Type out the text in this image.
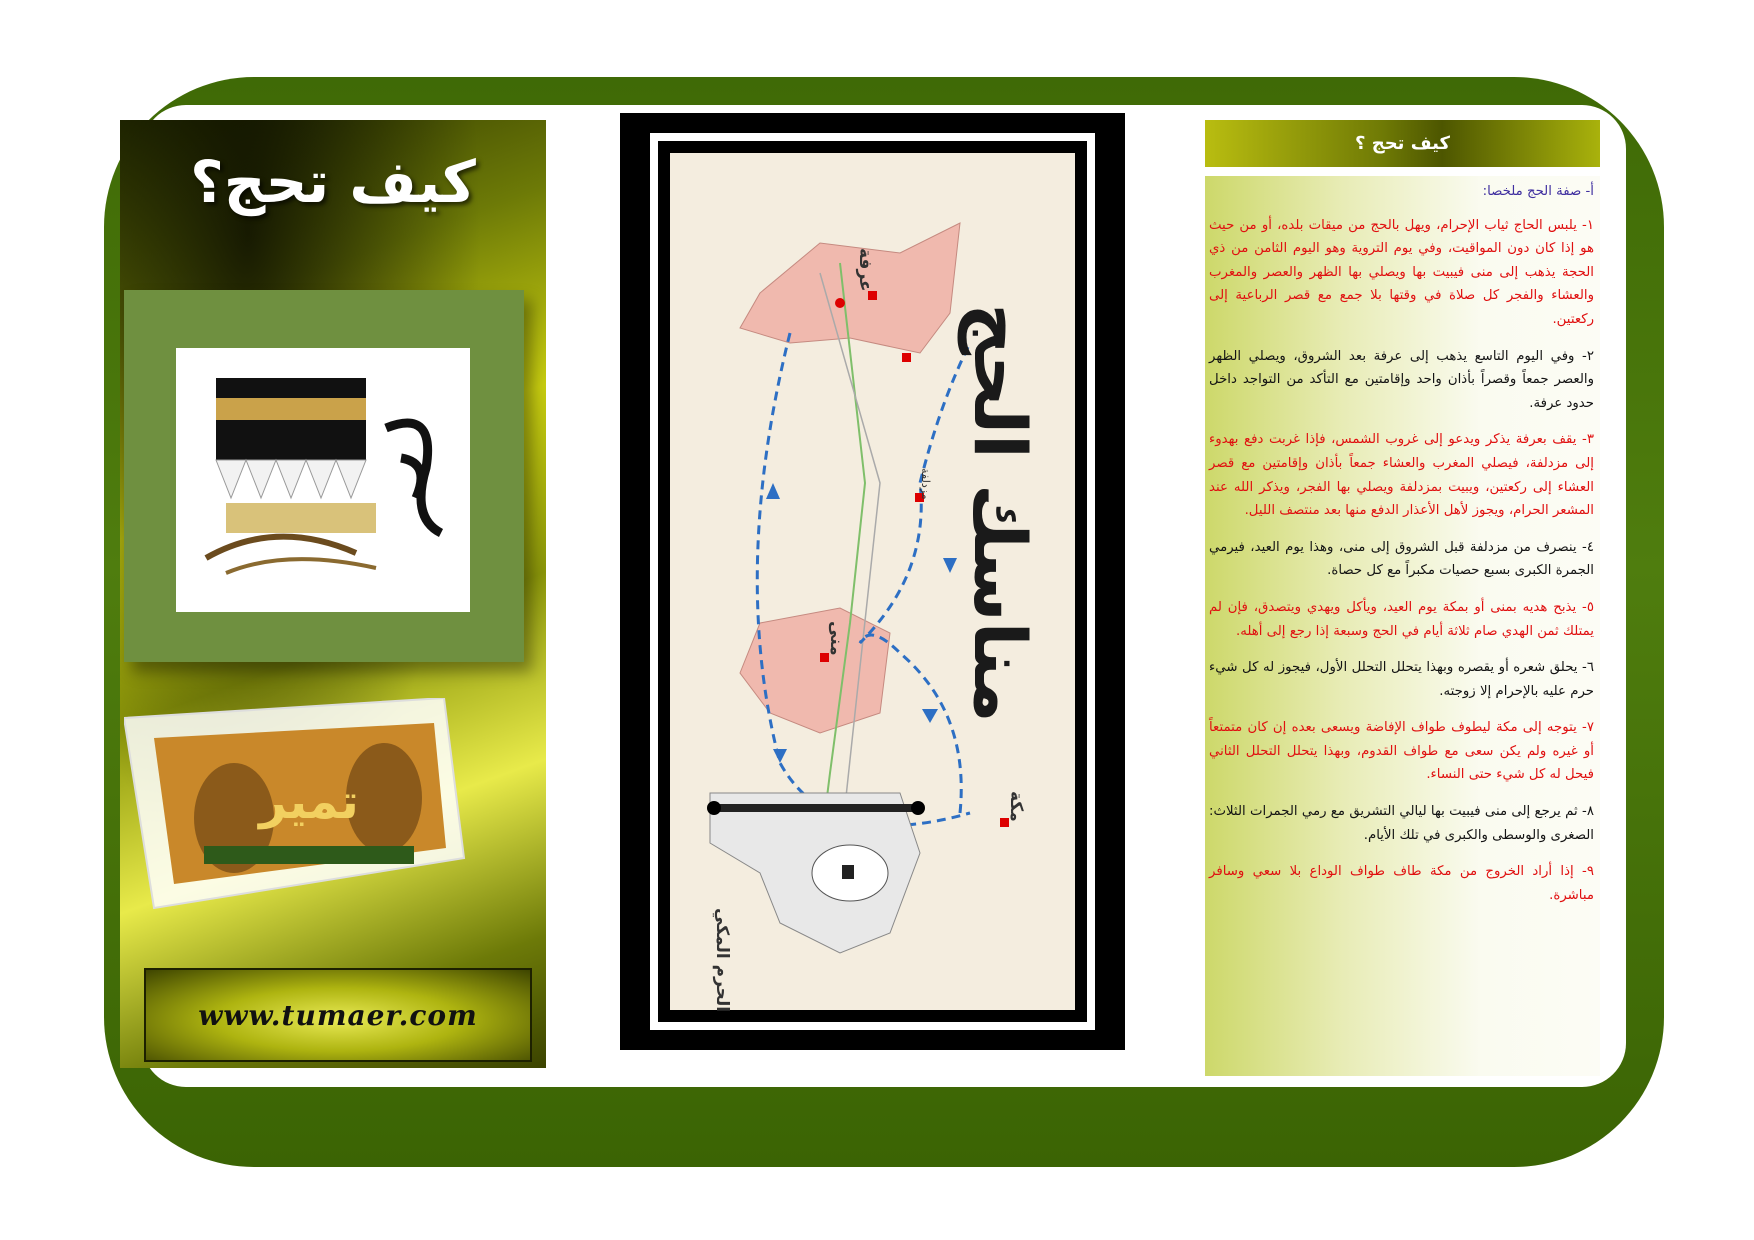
كيف تحج؟
تمير
www.tumaer.com
مناسك الحج
عرفة
مزدلفة
منى
مكة
الحرم المكي
كيف تحج ؟

أ- صفة الحج ملخصا:

١- يلبس الحاج ثياب الإحرام، ويهل بالحج من ميقات بلده، أو من حيث هو إذا كان دون المواقيت، وفي يوم التروية وهو اليوم الثامن من ذي الحجة يذهب إلى منى فيبيت بها ويصلي بها الظهر والعصر والمغرب والعشاء والفجر كل صلاة في وقتها بلا جمع مع قصر الرباعية إلى ركعتين.

٢- وفي اليوم التاسع يذهب إلى عرفة بعد الشروق، ويصلي الظهر والعصر جمعاً وقصراً بأذان واحد وإقامتين مع التأكد من التواجد داخل حدود عرفة.

٣- يقف بعرفة يذكر ويدعو إلى غروب الشمس، فإذا غربت دفع بهدوء إلى مزدلفة، فيصلي المغرب والعشاء جمعاً بأذان وإقامتين مع قصر العشاء إلى ركعتين، ويبيت بمزدلفة ويصلي بها الفجر، ويذكر الله عند المشعر الحرام، ويجوز لأهل الأعذار الدفع منها بعد منتصف الليل.

٤- ينصرف من مزدلفة قبل الشروق إلى منى، وهذا يوم العيد، فيرمي الجمرة الكبرى بسبع حصيات مكبراً مع كل حصاة.

٥- يذبح هديه بمنى أو بمكة يوم العيد، ويأكل ويهدي ويتصدق، فإن لم يمتلك ثمن الهدي صام ثلاثة أيام في الحج وسبعة إذا رجع إلى أهله.

٦- يحلق شعره أو يقصره وبهذا يتحلل التحلل الأول، فيجوز له كل شيء حرم عليه بالإحرام إلا زوجته.

٧- يتوجه إلى مكة ليطوف طواف الإفاضة ويسعى بعده إن كان متمتعاً أو غيره ولم يكن سعى مع طواف القدوم، وبهذا يتحلل التحلل الثاني فيحل له كل شيء حتى النساء.

٨- ثم يرجع إلى منى فيبيت بها ليالي التشريق مع رمي الجمرات الثلاث: الصغرى والوسطى والكبرى في تلك الأيام.

٩- إذا أراد الخروج من مكة طاف طواف الوداع بلا سعي وسافر مباشرة.
